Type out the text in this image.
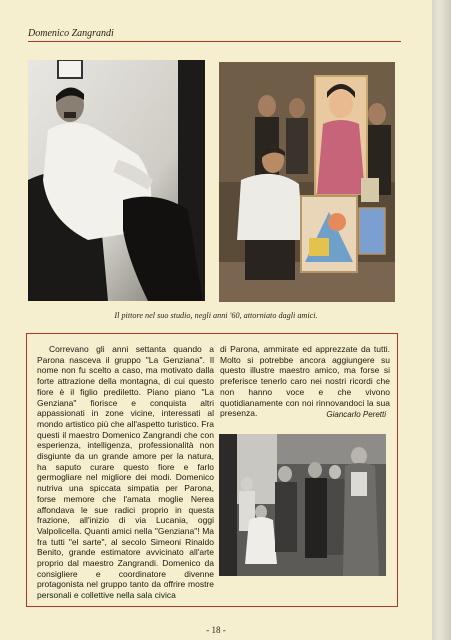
Domenico Zangrandi
Il pittore nel suo studio, negli anni '60, attorniato dagli amici.
Correvano gli anni settanta quando a Parona nasceva il gruppo "La Genziana". Il nome non fu scelto a caso, ma motivato dalla forte attrazione della montagna, di cui questo fiore è il figlio prediletto. Piano piano "La Genziana" fiorisce e conquista altri appassionati in zone vicine, interessati al mondo artistico più che all'aspetto turistico. Fra questi il maestro Domenico Zangrandi che con esperienza, intelligenza, professionalità non disgiunte da un grande amore per la natura, ha saputo curare questo fiore e farlo germogliare nel migliore dei modi. Domenico nutriva una spiccata simpatia per Parona, forse memore che l'amata moglie Nerea affondava le sue radici proprio in questa frazione, all'inizio di via Lucania, oggi Valpolicella. Quanti amici nella "Genziana"! Ma fra tutti "el sarte", al secolo Simeoni Rinaldo Benito, grande estimatore avvicinato all'arte proprio dal maestro Zangrandi. Domenico da consigliere e coordinatore divenne protagonista nel gruppo tanto da offrire mostre personali e collettive nella sala civica
di Parona, ammirate ed apprezzate da tutti. Molto si potrebbe ancora aggiungere su questo illustre maestro amico, ma forse si preferisce tenerlo caro nei nostri ricordi che non hanno voce e che vivono quotidianamente con noi rinnovandoci la sua presenza.	Giancarlo Peretti
- 18 -
